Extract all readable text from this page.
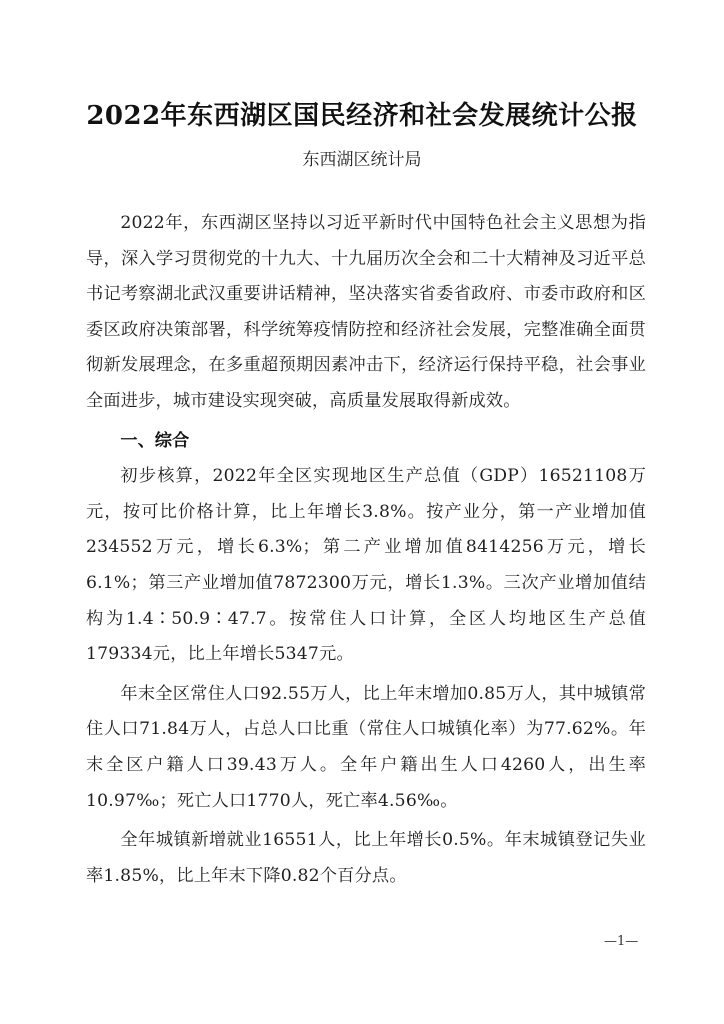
2022年东西湖区国民经济和社会发展统计公报

东西湖区统计局

2022年，东西湖区坚持以习近平新时代中国特色社会主义思想为指导，深入学习贯彻党的十九大、十九届历次全会和二十大精神及习近平总书记考察湖北武汉重要讲话精神，坚决落实省委省政府、市委市政府和区委区政府决策部署，科学统筹疫情防控和经济社会发展，完整准确全面贯彻新发展理念，在多重超预期因素冲击下，经济运行保持平稳，社会事业全面进步，城市建设实现突破，高质量发展取得新成效。

一、综合

初步核算，2022年全区实现地区生产总值（GDP）16521108万元，按可比价格计算，比上年增长3.8%。按产业分，第一产业增加值234552万元，增长6.3%；第二产业增加值8414256万元，增长6.1%；第三产业增加值7872300万元，增长1.3%。三次产业增加值结构为1.4∶50.9∶47.7。按常住人口计算，全区人均地区生产总值179334元，比上年增长5347元。

年末全区常住人口92.55万人，比上年末增加0.85万人，其中城镇常住人口71.84万人，占总人口比重（常住人口城镇化率）为77.62%。年末全区户籍人口39.43万人。全年户籍出生人口4260人，出生率10.97‰；死亡人口1770人，死亡率4.56‰。

全年城镇新增就业16551人，比上年增长0.5%。年末城镇登记失业率1.85%，比上年末下降0.82个百分点。

—1—
